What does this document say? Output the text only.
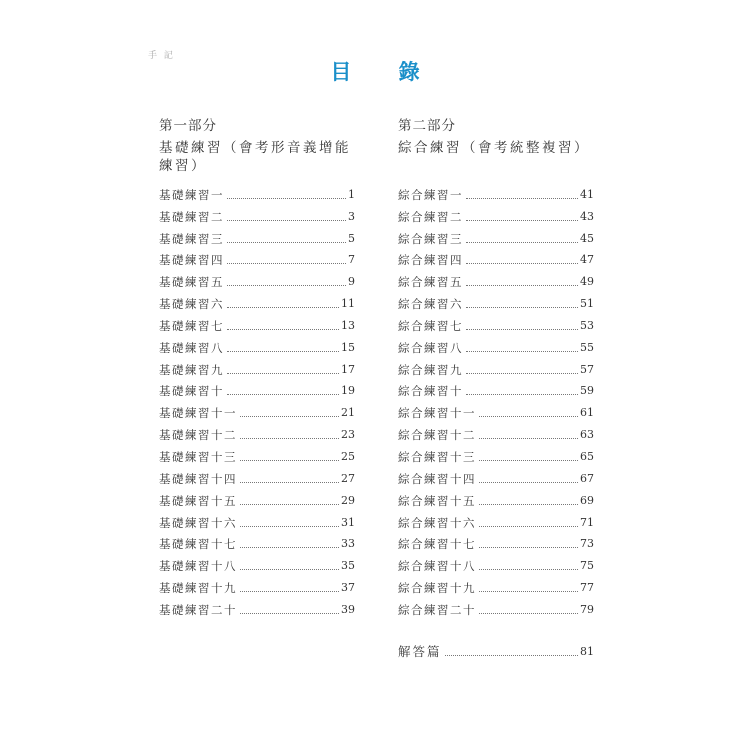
手 記
目 錄
第一部分
基礎練習（會考形音義增能練習）
基礎練習一	1
基礎練習二	3
基礎練習三	5
基礎練習四	7
基礎練習五	9
基礎練習六	11
基礎練習七	13
基礎練習八	15
基礎練習九	17
基礎練習十	19
基礎練習十一	21
基礎練習十二	23
基礎練習十三	25
基礎練習十四	27
基礎練習十五	29
基礎練習十六	31
基礎練習十七	33
基礎練習十八	35
基礎練習十九	37
基礎練習二十	39
第二部分
綜合練習（會考統整複習）
綜合練習一	41
綜合練習二	43
綜合練習三	45
綜合練習四	47
綜合練習五	49
綜合練習六	51
綜合練習七	53
綜合練習八	55
綜合練習九	57
綜合練習十	59
綜合練習十一	61
綜合練習十二	63
綜合練習十三	65
綜合練習十四	67
綜合練習十五	69
綜合練習十六	71
綜合練習十七	73
綜合練習十八	75
綜合練習十九	77
綜合練習二十	79
解答篇	81
